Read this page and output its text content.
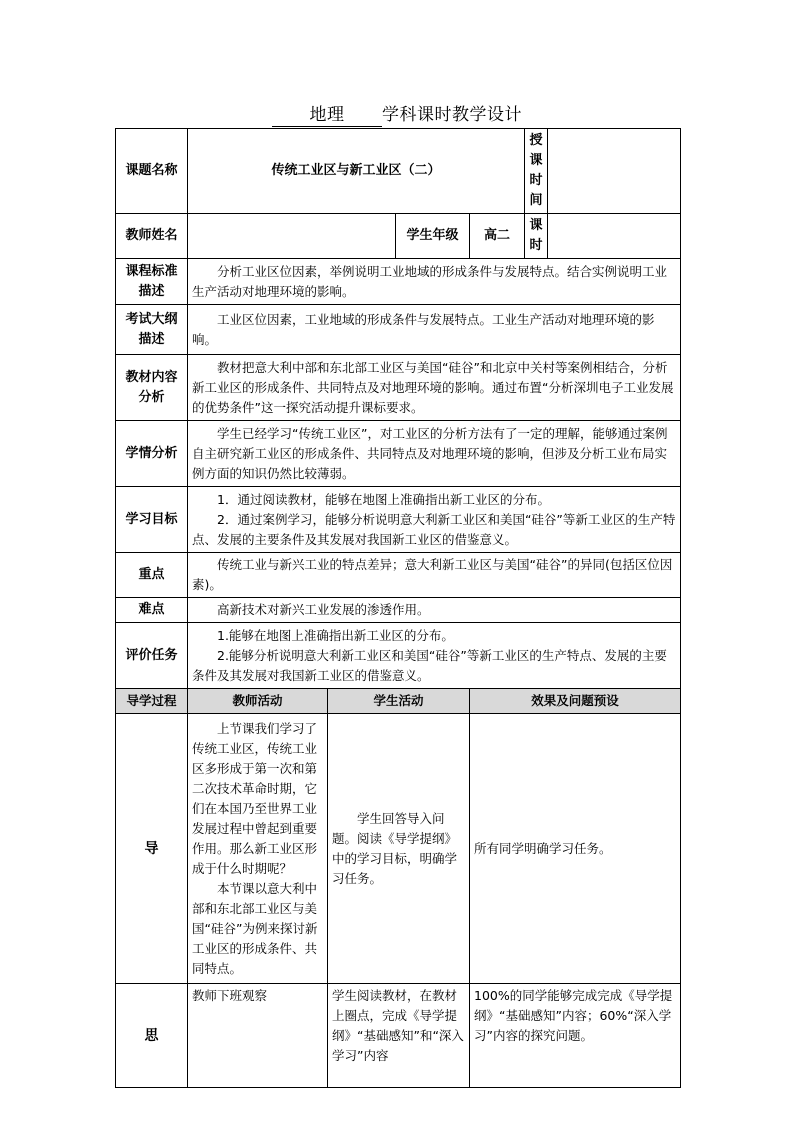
地理 学科课时教学设计
课题名称	传统工业区与新工业区（二）				授课时间	
教师姓名			学生年级	高二	课　　时	
课程标准描述	分析工业区位因素，举例说明工业地域的形成条件与发展特点。结合实例说明工业生产活动对地理环境的影响。					
考试大纲描述	工业区位因素，工业地域的形成条件与发展特点。工业生产活动对地理环境的影响。					
教材内容分析	教材把意大利中部和东北部工业区与美国“硅谷”和北京中关村等案例相结合，分析新工业区的形成条件、共同特点及对地理环境的影响。通过布置“分析深圳电子工业发展的优势条件”这一探究活动提升课标要求。					
学情分析	学生已经学习“传统工业区”，对工业区的分析方法有了一定的理解，能够通过案例自主研究新工业区的形成条件、共同特点及对地理环境的影响，但涉及分析工业布局实例方面的知识仍然比较薄弱。					
学习目标	1．通过阅读教材，能够在地图上准确指出新工业区的分布。
2．通过案例学习，能够分析说明意大利新工业区和美国“硅谷”等新工业区的生产特点、发展的主要条件及其发展对我国新工业区的借鉴意义。					

重点	传统工业与新兴工业的特点差异；意大利新工业区与美国“硅谷”的异同(包括区位因素)。					
难点	高新技术对新兴工业发展的渗透作用。					
评价任务	1.能够在地图上准确指出新工业区的分布。
2.能够分析说明意大利新工业区和美国“硅谷”等新工业区的生产特点、发展的主要条件及其发展对我国新工业区的借鉴意义。					

导学过程	教师活动	学生活动		效果及问题预设		
导	上节课我们学习了传统工业区，传统工业区多形成于第一次和第二次技术革命时期，它们在本国乃至世界工业发展过程中曾起到重要作用。那么新工业区形成于什么时期呢？
本节课以意大利中部和东北部工业区与美国“硅谷”为例来探讨新工业区的形成条件、共同特点。	学生回答导入问题。阅读《导学提纲》中的学习目标，明确学习任务。		所有同学明确学习任务。		
思	教师下班观察	学生阅读教材，在教材上圈点，完成《导学提纲》“基础感知”和“深入学习”内容		100%的同学能够完成完成《导学提纲》“基础感知”内容；60%“深入学习”内容的探究问题。		
